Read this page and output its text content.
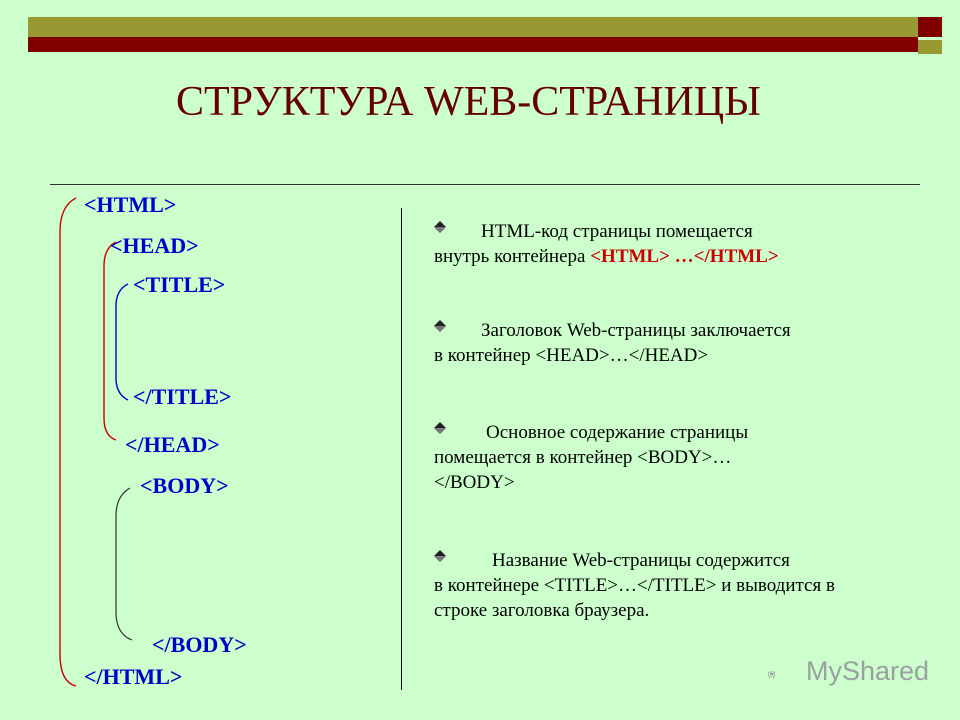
СТРУКТУРА WEB-СТРАНИЦЫ
<HTML>
<HEAD>
<TITLE>
</TITLE>
</HEAD>
<BODY>
</BODY>
</HTML>
HTML-код страницы помещается
внутрь контейнера <HTML> …</HTML>
Заголовок Web-страницы заключается
в контейнер <HEAD>…</HEAD>
Основное содержание страницы
помещается в контейнер <BODY>…</BODY>
Название Web-страницы содержится
в контейнере <TITLE>…</TITLE> и выводится в строке заголовка браузера.
MyShared
